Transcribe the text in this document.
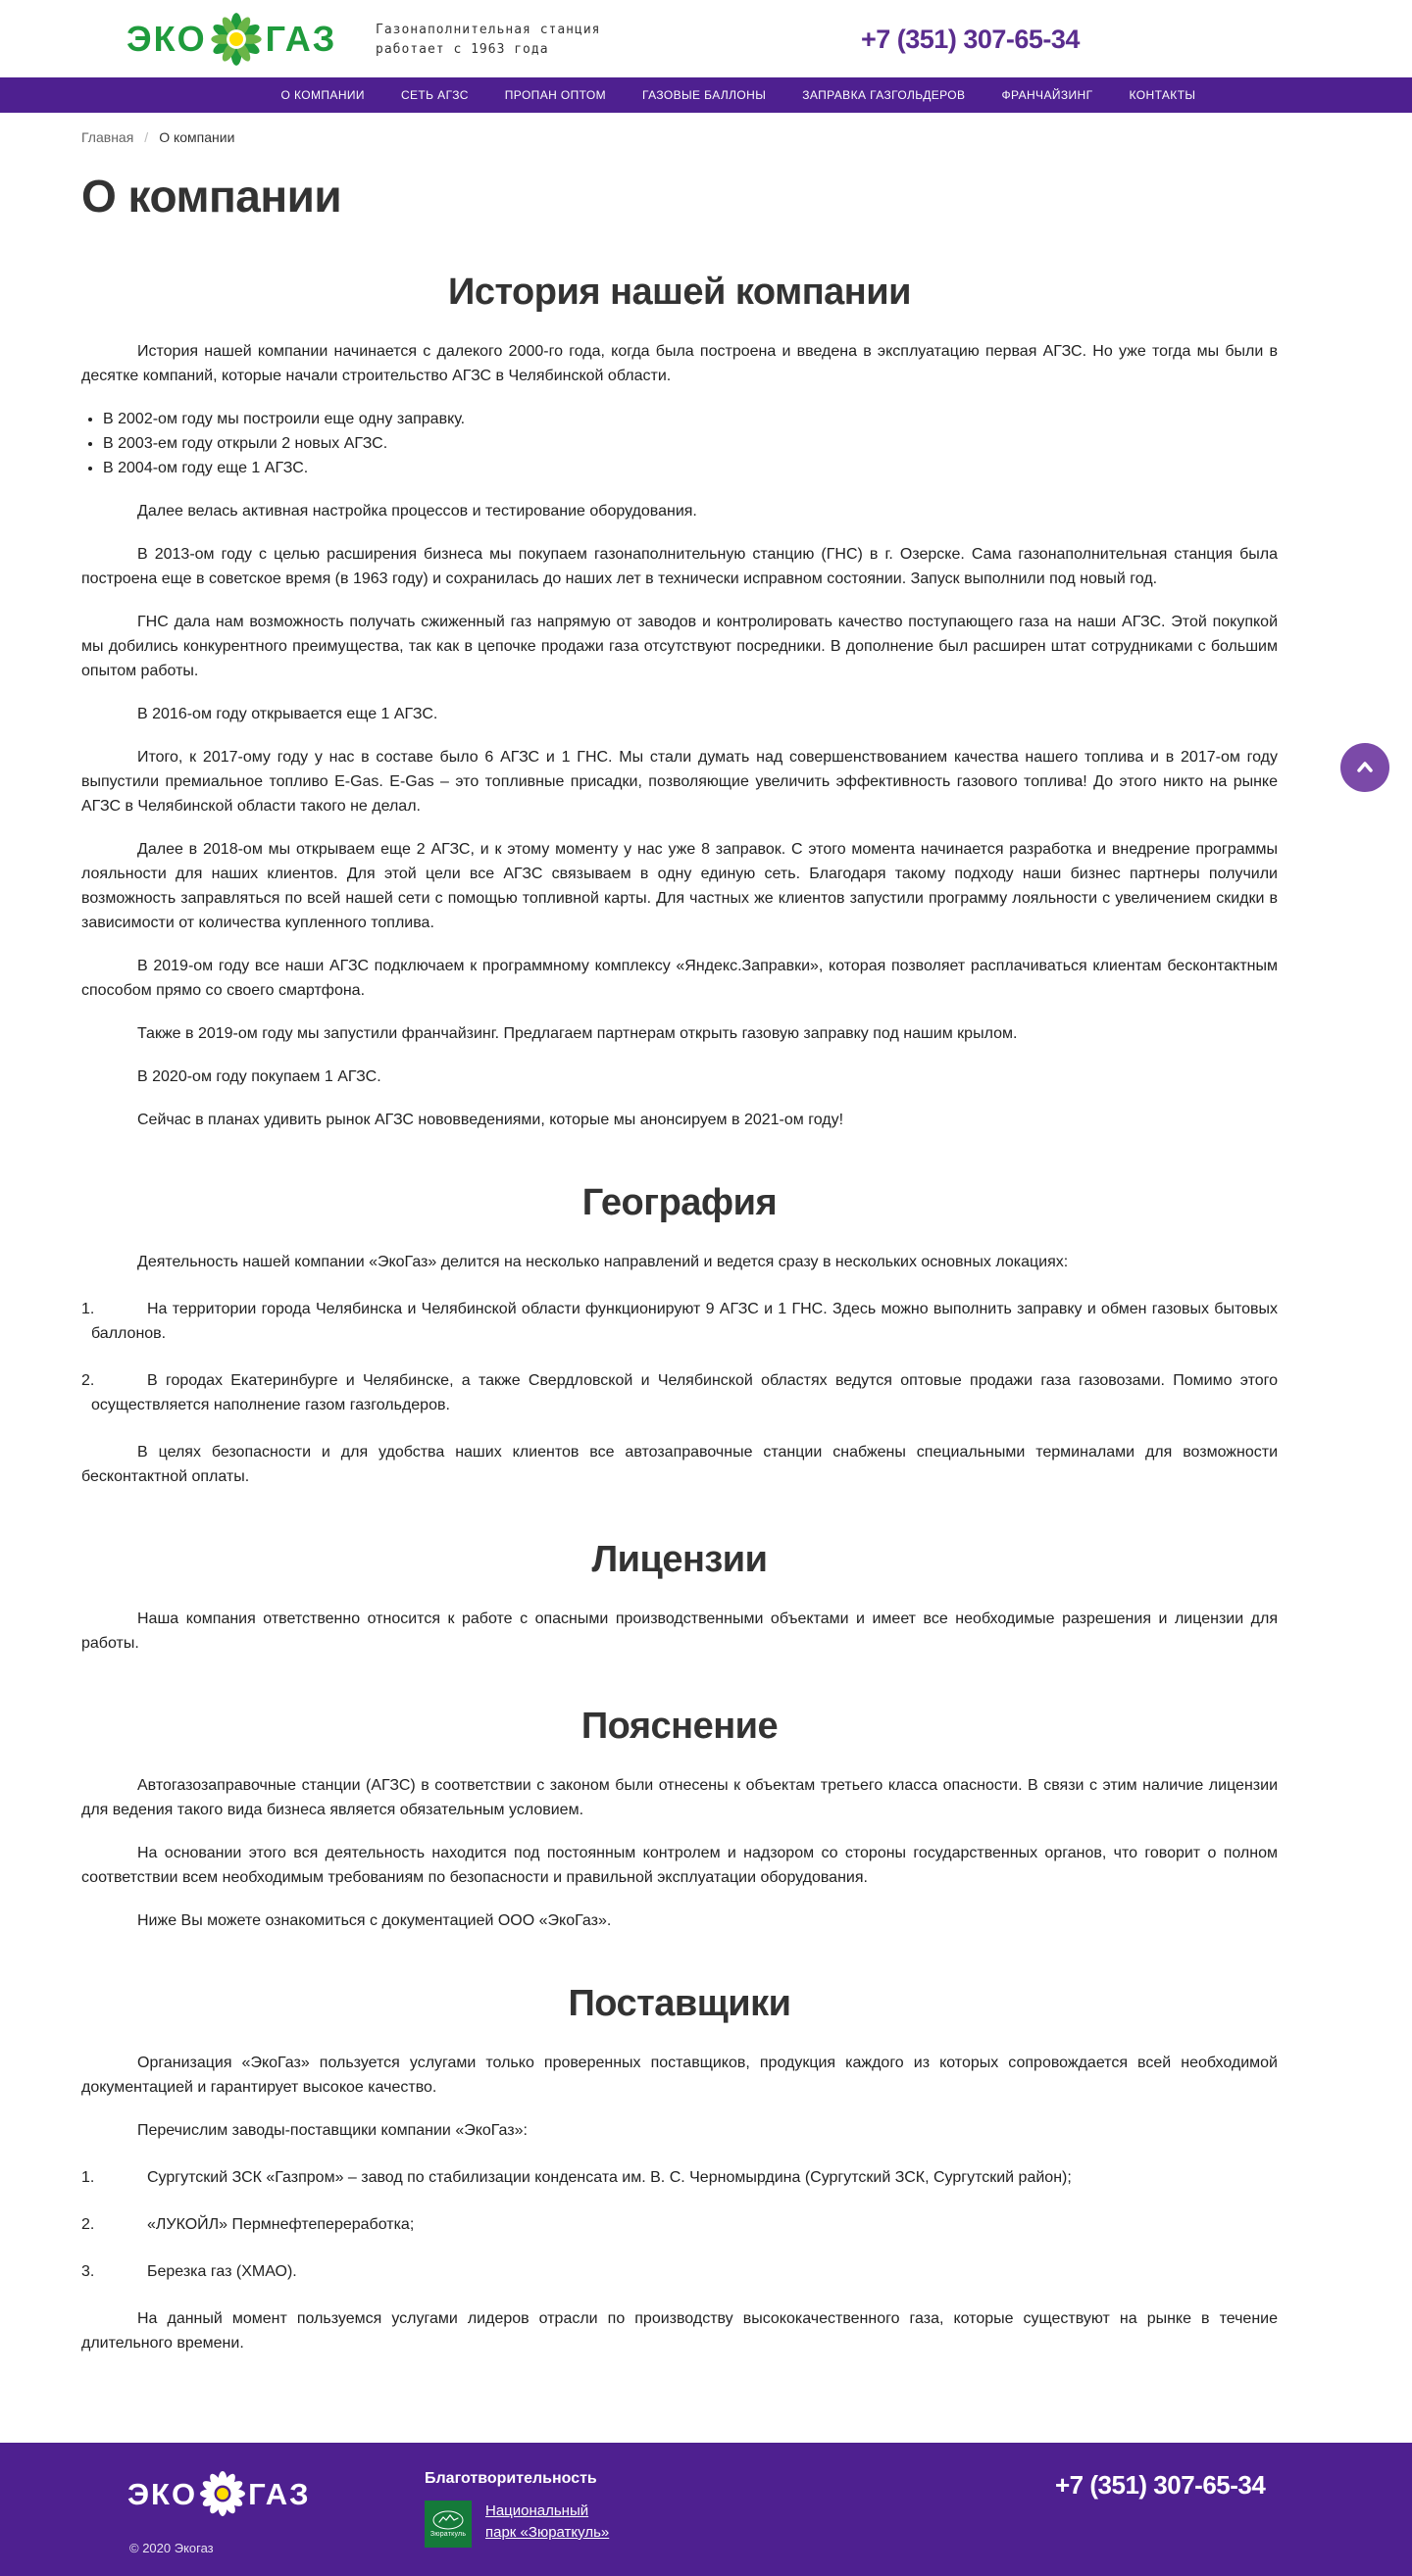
ЭКО ГАЗ	Газонаполнительная станция
работает с 1963 года	+7 (351) 307-65-34
О КОМПАНИИ	СЕТЬ АГЗС	ПРОПАН ОПТОМ	ГАЗОВЫЕ БАЛЛОНЫ	ЗАПРАВКА ГАЗГОЛЬДЕРОВ	ФРАНЧАЙЗИНГ	КОНТАКТЫ
Главная / О компании
О компании
История нашей компании

История нашей компании начинается с далекого 2000-го года, когда была построена и введена в эксплуатацию первая АГЗС. Но уже тогда мы были в десятке компаний, которые начали строительство АГЗС в Челябинской области.

• В 2002-ом году мы построили еще одну заправку.
• В 2003-ем году открыли 2 новых АГЗС.
• В 2004-ом году еще 1 АГЗС.

Далее велась активная настройка процессов и тестирование оборудования.

В 2013-ом году с целью расширения бизнеса мы покупаем газонаполнительную станцию (ГНС) в г. Озерске. Сама газонаполнительная станция была построена еще в советское время (в 1963 году) и сохранилась до наших лет в технически исправном состоянии. Запуск выполнили под новый год.

ГНС дала нам возможность получать сжиженный газ напрямую от заводов и контролировать качество поступающего газа на наши АГЗС. Этой покупкой мы добились конкурентного преимущества, так как в цепочке продажи газа отсутствуют посредники. В дополнение был расширен штат сотрудниками с большим опытом работы.

В 2016-ом году открывается еще 1 АГЗС.

Итого, к 2017-ому году у нас в составе было 6 АГЗС и 1 ГНС. Мы стали думать над совершенствованием качества нашего топлива и в 2017-ом году выпустили премиальное топливо E-Gas. E-Gas – это топливные присадки, позволяющие увеличить эффективность газового топлива! До этого никто на рынке АГЗС в Челябинской области такого не делал.

Далее в 2018-ом мы открываем еще 2 АГЗС, и к этому моменту у нас уже 8 заправок. С этого момента начинается разработка и внедрение программы лояльности для наших клиентов. Для этой цели все АГЗС связываем в одну единую сеть. Благодаря такому подходу наши бизнес партнеры получили возможность заправляться по всей нашей сети с помощью топливной карты. Для частных же клиентов запустили программу лояльности с увеличением скидки в зависимости от количества купленного топлива.

В 2019-ом году все наши АГЗС подключаем к программному комплексу «Яндекс.Заправки», которая позволяет расплачиваться клиентам бесконтактным способом прямо со своего смартфона.

Также в 2019-ом году мы запустили франчайзинг. Предлагаем партнерам открыть газовую заправку под нашим крылом.

В 2020-ом году покупаем 1 АГЗС.

Сейчас в планах удивить рынок АГЗС нововведениями, которые мы анонсируем в 2021-ом году!

География

Деятельность нашей компании «ЭкоГаз» делится на несколько направлений и ведется сразу в нескольких основных локациях:

1.	На территории города Челябинска и Челябинской области функционируют 9 АГЗС и 1 ГНС. Здесь можно выполнить заправку и обмен газовых бытовых баллонов.

2.	В городах Екатеринбурге и Челябинске, а также Свердловской и Челябинской областях ведутся оптовые продажи газа газовозами. Помимо этого осуществляется наполнение газом газгольдеров.

В целях безопасности и для удобства наших клиентов все автозаправочные станции снабжены специальными терминалами для возможности бесконтактной оплаты.

Лицензии

Наша компания ответственно относится к работе с опасными производственными объектами и имеет все необходимые разрешения и лицензии для работы.

Пояснение

Автогазозаправочные станции (АГЗС) в соответствии с законом были отнесены к объектам третьего класса опасности. В связи с этим наличие лицензии для ведения такого вида бизнеса является обязательным условием.

На основании этого вся деятельность находится под постоянным контролем и надзором со стороны государственных органов, что говорит о полном соответствии всем необходимым требованиям по безопасности и правильной эксплуатации оборудования.

Ниже Вы можете ознакомиться с документацией ООО «ЭкоГаз».

Поставщики

Организация «ЭкоГаз» пользуется услугами только проверенных поставщиков, продукция каждого из которых сопровождается всей необходимой документацией и гарантирует высокое качество.

Перечислим заводы-поставщики компании «ЭкоГаз»:

1.	Сургутский ЗСК «Газпром» – завод по стабилизации конденсата им. В. С. Черномырдина (Сургутский ЗСК, Сургутский район);

2.	«ЛУКОЙЛ» Пермнефтепереработка;

3.	Березка газ (ХМАО).

На данный момент пользуемся услугами лидеров отрасли по производству высококачественного газа, которые существуют на рынке в течение длительного времени.

ЭКО ГАЗ
© 2020 Экогаз
Благотворительность
Зюраткуль
Национальный
парк «Зюраткуль»
+7 (351) 307-65-34
